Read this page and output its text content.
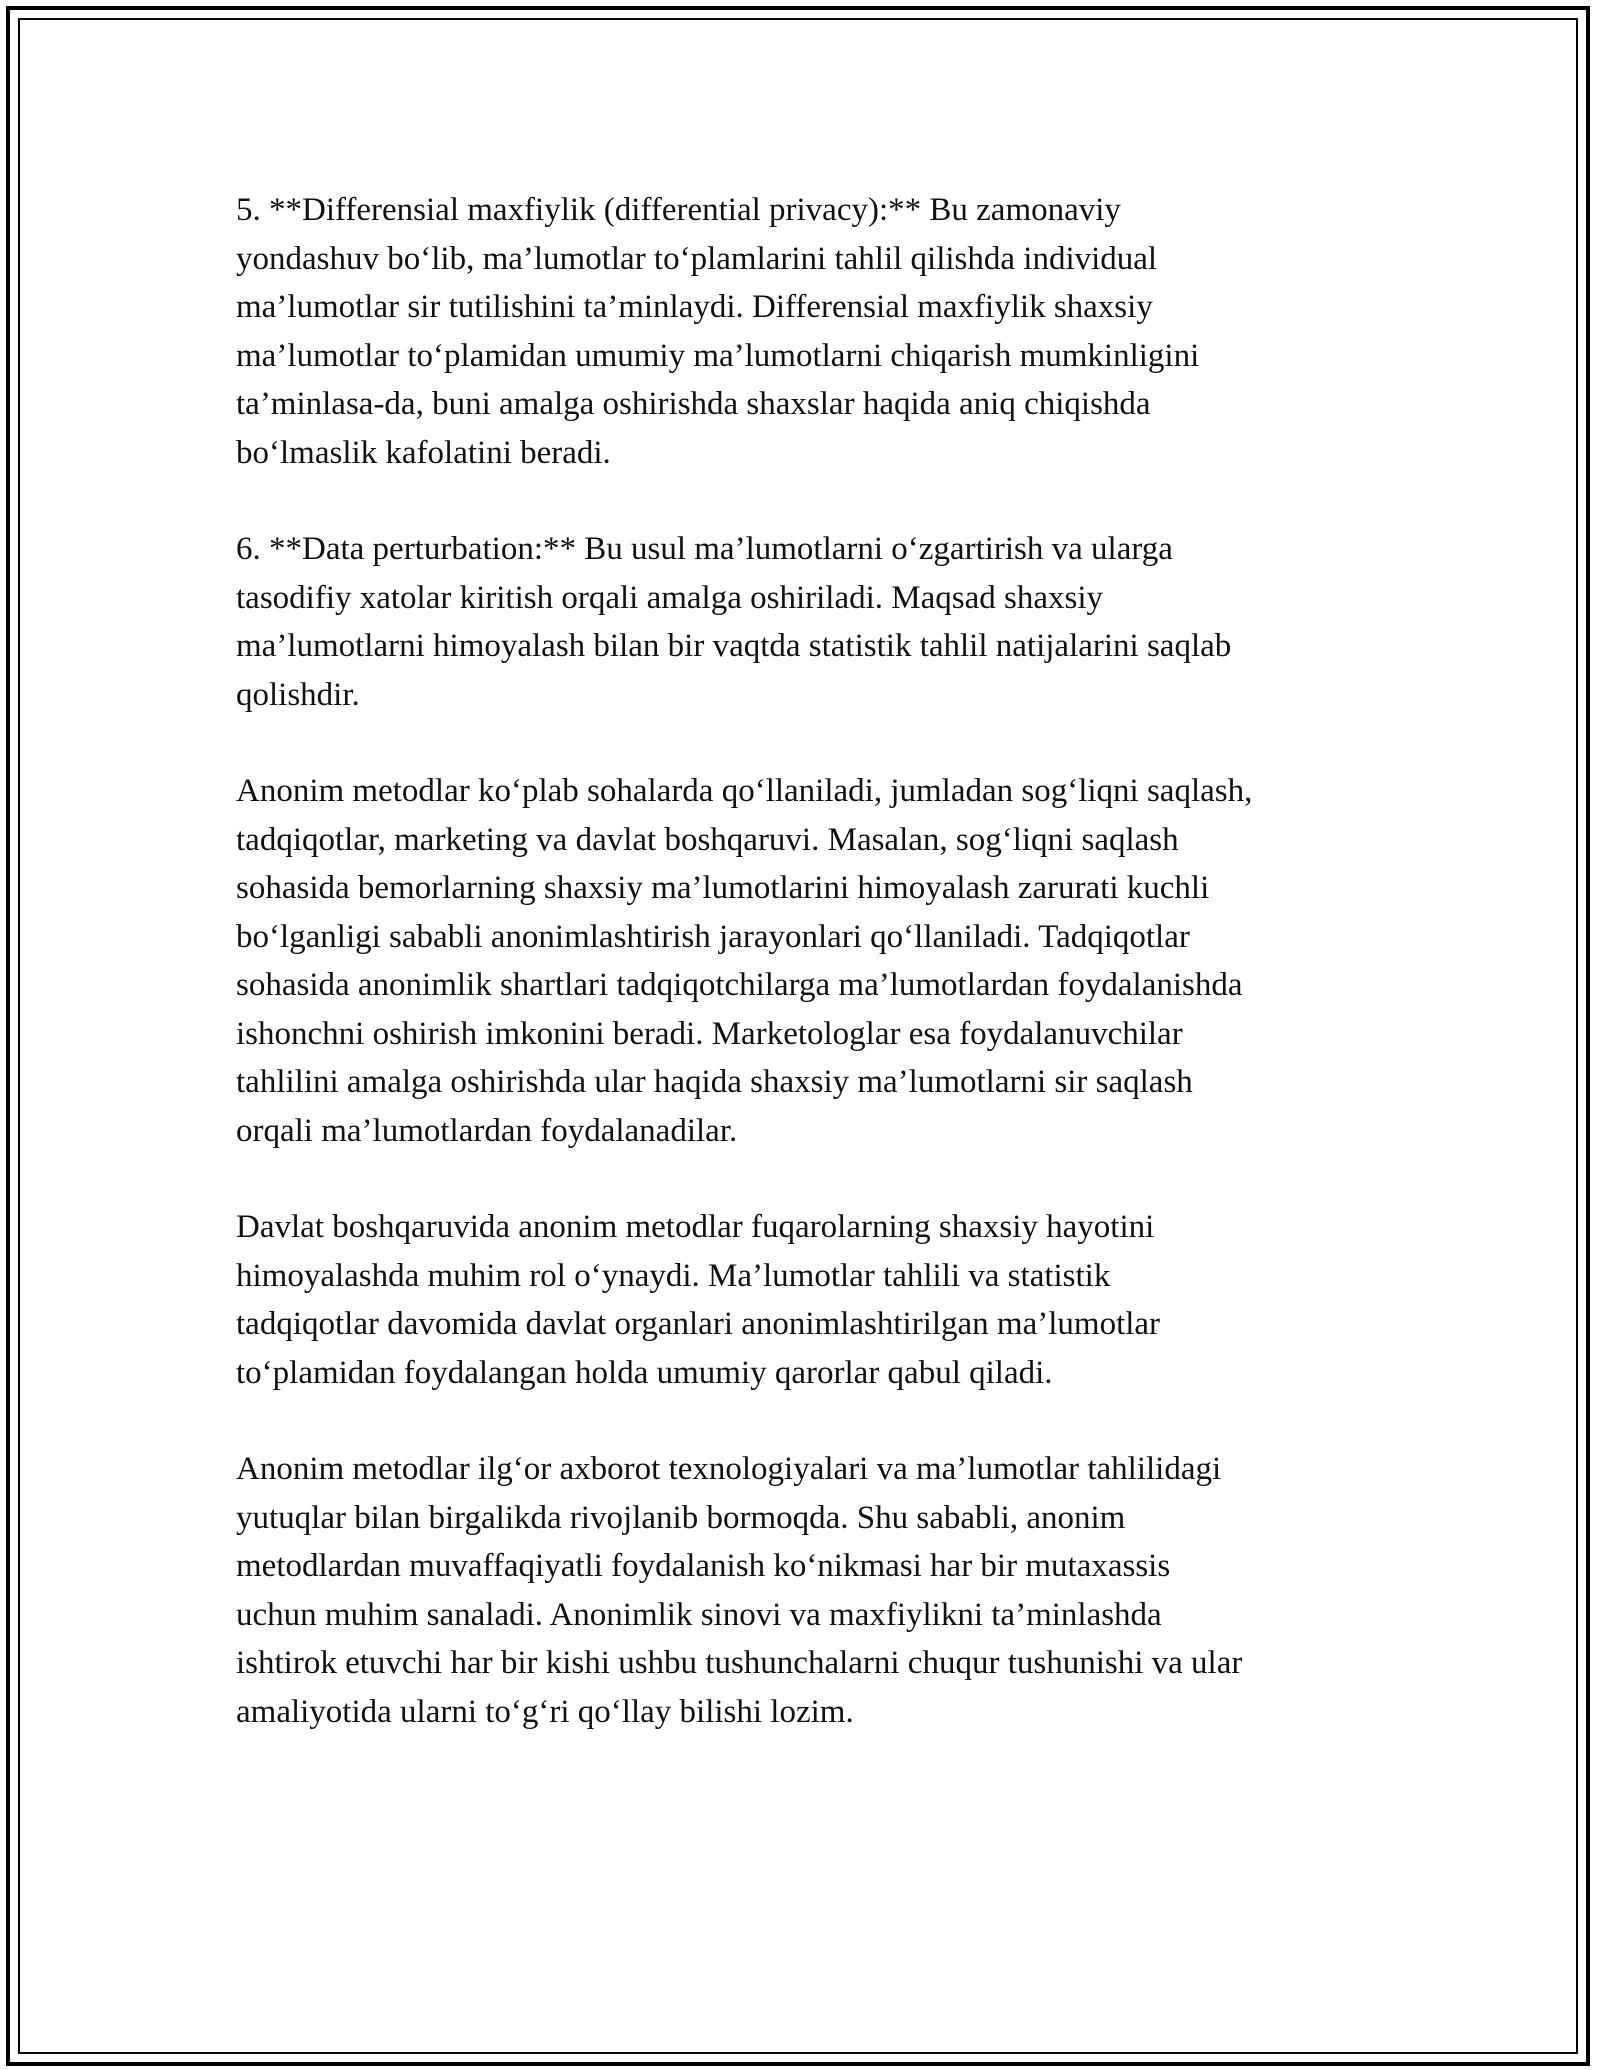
5. **Differensial maxfiylik (differential privacy):** Bu zamonaviy
yondashuv bo‘lib, ma’lumotlar to‘plamlarini tahlil qilishda individual
ma’lumotlar sir tutilishini ta’minlaydi. Differensial maxfiylik shaxsiy
ma’lumotlar to‘plamidan umumiy ma’lumotlarni chiqarish mumkinligini
ta’minlasa-da, buni amalga oshirishda shaxslar haqida aniq chiqishda
bo‘lmaslik kafolatini beradi.

6. **Data perturbation:** Bu usul ma’lumotlarni o‘zgartirish va ularga
tasodifiy xatolar kiritish orqali amalga oshiriladi. Maqsad shaxsiy
ma’lumotlarni himoyalash bilan bir vaqtda statistik tahlil natijalarini saqlab
qolishdir.

Anonim metodlar ko‘plab sohalarda qo‘llaniladi, jumladan sog‘liqni saqlash,
tadqiqotlar, marketing va davlat boshqaruvi. Masalan, sog‘liqni saqlash
sohasida bemorlarning shaxsiy ma’lumotlarini himoyalash zarurati kuchli
bo‘lganligi sababli anonimlashtirish jarayonlari qo‘llaniladi. Tadqiqotlar
sohasida anonimlik shartlari tadqiqotchilarga ma’lumotlardan foydalanishda
ishonchni oshirish imkonini beradi. Marketologlar esa foydalanuvchilar
tahlilini amalga oshirishda ular haqida shaxsiy ma’lumotlarni sir saqlash
orqali ma’lumotlardan foydalanadilar.

Davlat boshqaruvida anonim metodlar fuqarolarning shaxsiy hayotini
himoyalashda muhim rol o‘ynaydi. Ma’lumotlar tahlili va statistik
tadqiqotlar davomida davlat organlari anonimlashtirilgan ma’lumotlar
to‘plamidan foydalangan holda umumiy qarorlar qabul qiladi.

Anonim metodlar ilg‘or axborot texnologiyalari va ma’lumotlar tahlilidagi
yutuqlar bilan birgalikda rivojlanib bormoqda. Shu sababli, anonim
metodlardan muvaffaqiyatli foydalanish ko‘nikmasi har bir mutaxassis
uchun muhim sanaladi. Anonimlik sinovi va maxfiylikni ta’minlashda
ishtirok etuvchi har bir kishi ushbu tushunchalarni chuqur tushunishi va ular
amaliyotida ularni to‘g‘ri qo‘llay bilishi lozim.
